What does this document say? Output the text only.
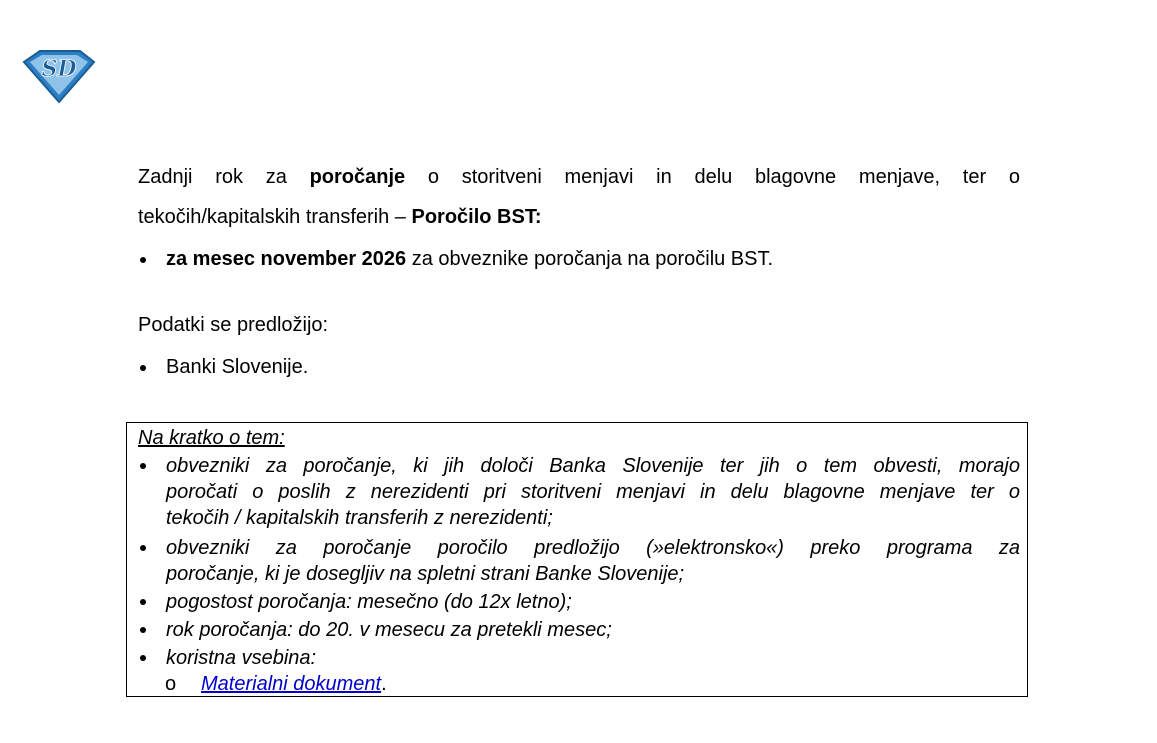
SD
Zadnji rok za poročanje o storitveni menjavi in delu blagovne menjave, ter o
tekočih/kapitalskih transferih – Poročilo BST:
za mesec november 2026 za obveznike poročanja na poročilu BST.
Podatki se predložijo:
Banki Slovenije.
Na kratko o tem:
obvezniki za poročanje, ki jih določi Banka Slovenije ter jih o tem obvesti, morajo
poročati o poslih z nerezidenti pri storitveni menjavi in delu blagovne menjave ter o
tekočih / kapitalskih transferih z nerezidenti;
obvezniki za poročanje poročilo predložijo (»elektronsko«) preko programa za
poročanje, ki je dosegljiv na spletni strani Banke Slovenije;
pogostost poročanja: mesečno (do 12x letno);
rok poročanja: do 20. v mesecu za pretekli mesec;
koristna vsebina:
o Materialni dokument.
